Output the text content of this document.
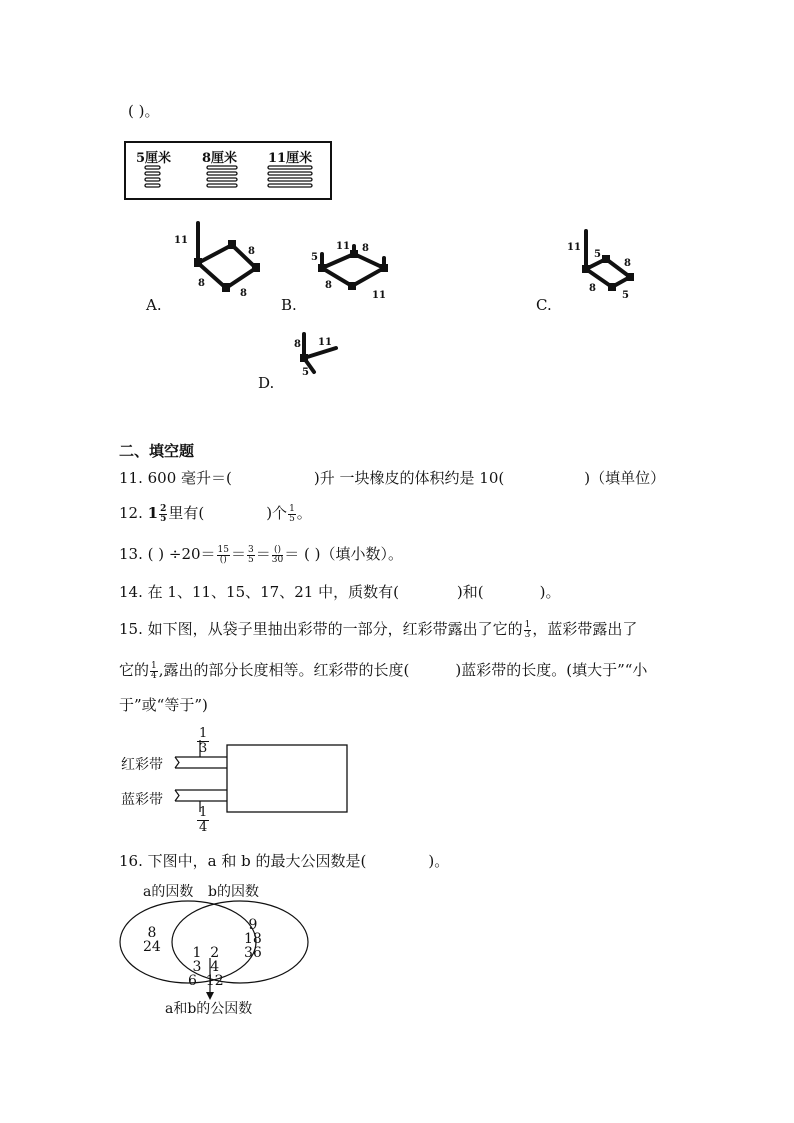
( )。
5厘米 8厘米 11厘米
11
8
8
8
A.
5
11 8
8
11
B.
11
5
8
8
5
C.
8 11
5
D.
二、填空题
11. 600 毫升＝(	)升 一块橡皮的体积约是 10(	)（填单位）
12. $1 \frac{2}{5}$ 里有(	)个 $\frac{1}{5}$ 。
13. ( ) $\div 20= \frac{15}{()} = \frac{3}{5} = \frac{()}{30}$ ＝ ( )（填小数）。
14. 在 1、11、15、17、21 中，质数有(	)和(	)。
15. 如下图，从袋子里抽出彩带的一部分，红彩带露出了它的 $\frac{1}{3}$ ，蓝彩带露出了
它的 $\frac{1}{4}$ ,露出的部分长度相等。红彩带的长度(	)蓝彩带的长度。(填大于”“小
于”或“等于”)
1
3
红彩带
蓝彩带
1
4
16. 下图中，a 和 b 的最大公因数是(	)。
a的因数 b的因数
8
24

	1  2
3  4
6  12

9
18
36
a和b的公因数
